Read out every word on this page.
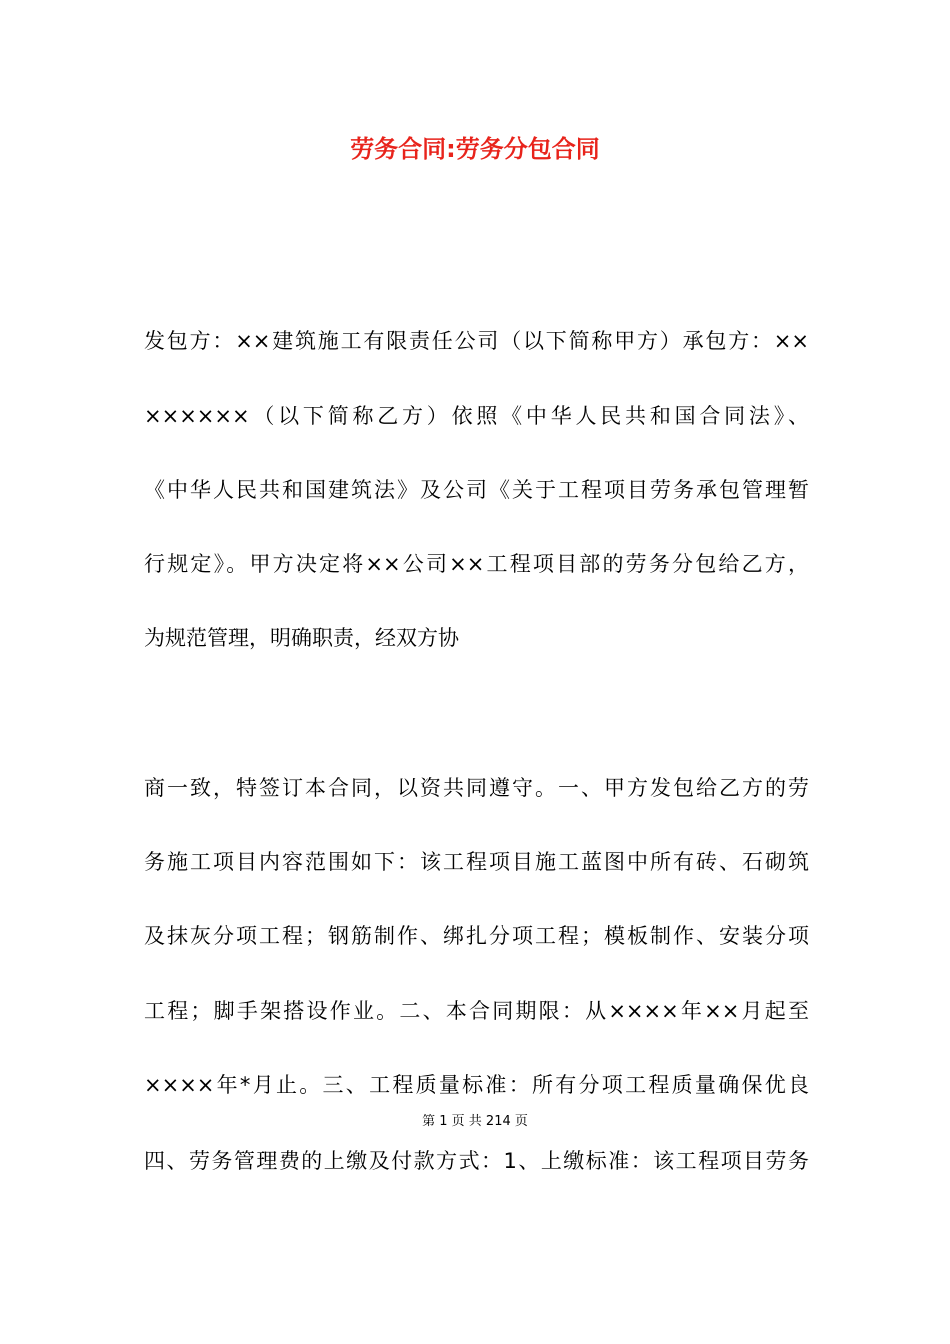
劳务合同:劳务分包合同
发包方：××建筑施工有限责任公司（以下简称甲方）承包方：××
××××××（以下简称乙方）依照《中华人民共和国合同法》、
《中华人民共和国建筑法》及公司《关于工程项目劳务承包管理暂
行规定》。甲方决定将××公司××工程项目部的劳务分包给乙方，
为规范管理，明确职责，经双方协
商一致，特签订本合同，以资共同遵守。一、甲方发包给乙方的劳
务施工项目内容范围如下：该工程项目施工蓝图中所有砖、石砌筑
及抹灰分项工程；钢筋制作、绑扎分项工程；模板制作、安装分项
工程；脚手架搭设作业。二、本合同期限：从××××年××月起至
××××年*月止。三、工程质量标准：所有分项工程质量确保优良
第 1 页 共 214 页
四、劳务管理费的上缴及付款方式：1、上缴标准：该工程项目劳务
